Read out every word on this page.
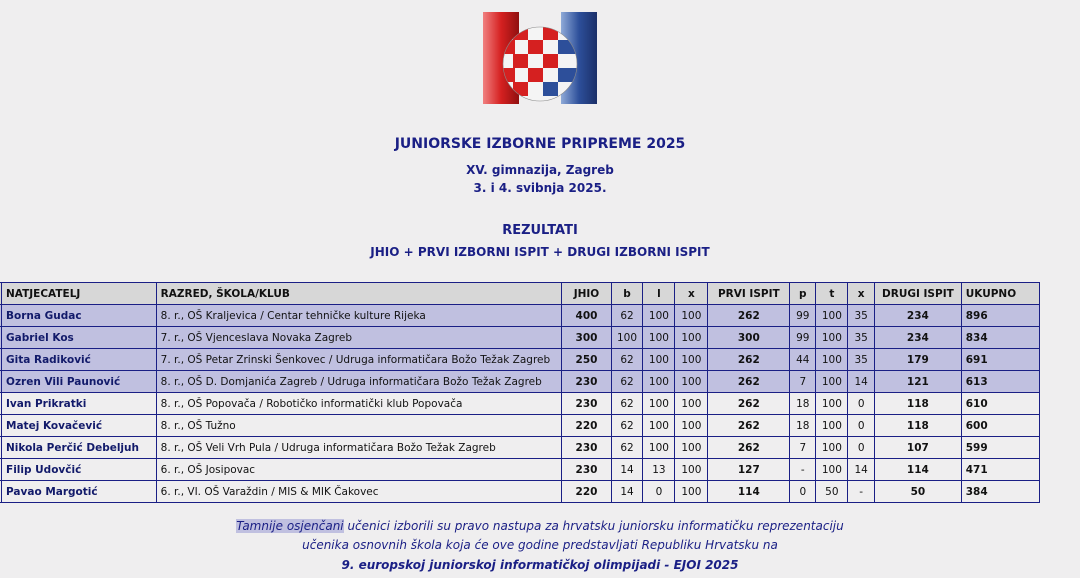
JUNIORSKE IZBORNE PRIPREME 2025
XV. gimnazija, Zagreb
3. i 4. svibnja 2025.
REZULTATI
JHIO + PRVI IZBORNI ISPIT + DRUGI IZBORNI ISPIT
	NATJECATELJ	RAZRED, ŠKOLA/KLUB	JHIO	b	l	x	PRVI ISPIT	p	t	x	DRUGI ISPIT	UKUPNO
	Borna Gudac	8. r., OŠ Kraljevica / Centar tehničke kulture Rijeka	400	62	100	100	262	99	100	35	234	896
	Gabriel Kos	7. r., OŠ Vjenceslava Novaka Zagreb	300	100	100	100	300	99	100	35	234	834
	Gita Radiković	7. r., OŠ Petar Zrinski Šenkovec / Udruga informatičara Božo Težak Zagreb	250	62	100	100	262	44	100	35	179	691
	Ozren Vili Paunović	8. r., OŠ D. Domjanića Zagreb / Udruga informatičara Božo Težak Zagreb	230	62	100	100	262	7	100	14	121	613
	Ivan Prikratki	8. r., OŠ Popovača / Robotičko informatički klub Popovača	230	62	100	100	262	18	100	0	118	610
	Matej Kovačević	8. r., OŠ Tužno	220	62	100	100	262	18	100	0	118	600
	Nikola Perčić Debeljuh	8. r., OŠ Veli Vrh Pula / Udruga informatičara Božo Težak Zagreb	230	62	100	100	262	7	100	0	107	599
	Filip Udovčić	6. r., OŠ Josipovac	230	14	13	100	127	-	100	14	114	471
	Pavao Margotić	6. r., VI. OŠ Varaždin / MIS & MIK Čakovec	220	14	0	100	114	0	50	-	50	384
Tamnije osjenčani učenici izborili su pravo nastupa za hrvatsku juniorsku informatičku reprezentaciju
učenika osnovnih škola koja će ove godine predstavljati Republiku Hrvatsku na
9. europskoj juniorskoj informatičkoj olimpijadi - EJOI 2025
